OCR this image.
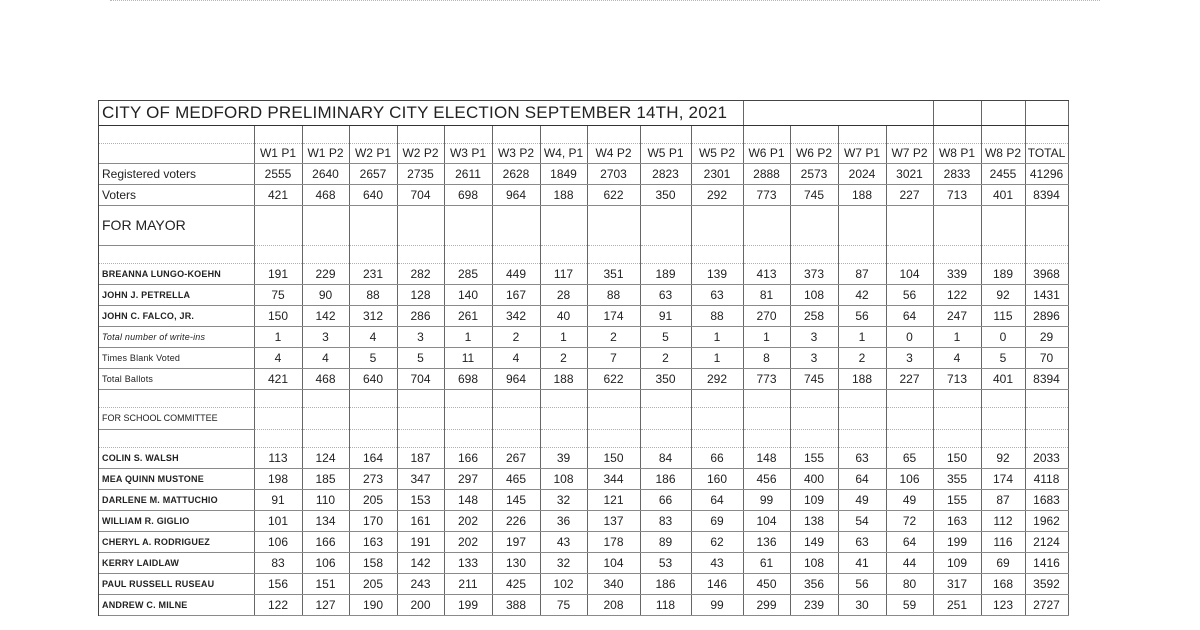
CITY OF MEDFORD PRELIMINARY CITY ELECTION SEPTEMBER 14TH, 2021																	

	W1 P1	W1 P2	W2 P1	W2 P2	W3 P1	W3 P2	W4, P1	W4 P2	W5 P1	W5 P2	W6 P1	W6 P2	W7 P1	W7 P2	W8 P1	W8 P2	TOTAL
Registered voters	2555	2640	2657	2735	2611	2628	1849	2703	2823	2301	2888	2573	2024	3021	2833	2455	41296
Voters	421	468	640	704	698	964	188	622	350	292	773	745	188	227	713	401	8394
FOR MAYOR																	

BREANNA LUNGO-KOEHN	191	229	231	282	285	449	117	351	189	139	413	373	87	104	339	189	3968
JOHN J. PETRELLA	75	90	88	128	140	167	28	88	63	63	81	108	42	56	122	92	1431
JOHN C. FALCO, JR.	150	142	312	286	261	342	40	174	91	88	270	258	56	64	247	115	2896
Total number of write-ins	1	3	4	3	1	2	1	2	5	1	1	3	1	0	1	0	29
Times Blank Voted	4	4	5	5	11	4	2	7	2	1	8	3	2	3	4	5	70
Total Ballots	421	468	640	704	698	964	188	622	350	292	773	745	188	227	713	401	8394

FOR SCHOOL COMMITTEE																	

COLIN S. WALSH	113	124	164	187	166	267	39	150	84	66	148	155	63	65	150	92	2033
MEA QUINN MUSTONE	198	185	273	347	297	465	108	344	186	160	456	400	64	106	355	174	4118
DARLENE M. MATTUCHIO	91	110	205	153	148	145	32	121	66	64	99	109	49	49	155	87	1683
WILLIAM R. GIGLIO	101	134	170	161	202	226	36	137	83	69	104	138	54	72	163	112	1962
CHERYL A. RODRIGUEZ	106	166	163	191	202	197	43	178	89	62	136	149	63	64	199	116	2124
KERRY LAIDLAW	83	106	158	142	133	130	32	104	53	43	61	108	41	44	109	69	1416
PAUL RUSSELL RUSEAU	156	151	205	243	211	425	102	340	186	146	450	356	56	80	317	168	3592
ANDREW C. MILNE	122	127	190	200	199	388	75	208	118	99	299	239	30	59	251	123	2727
